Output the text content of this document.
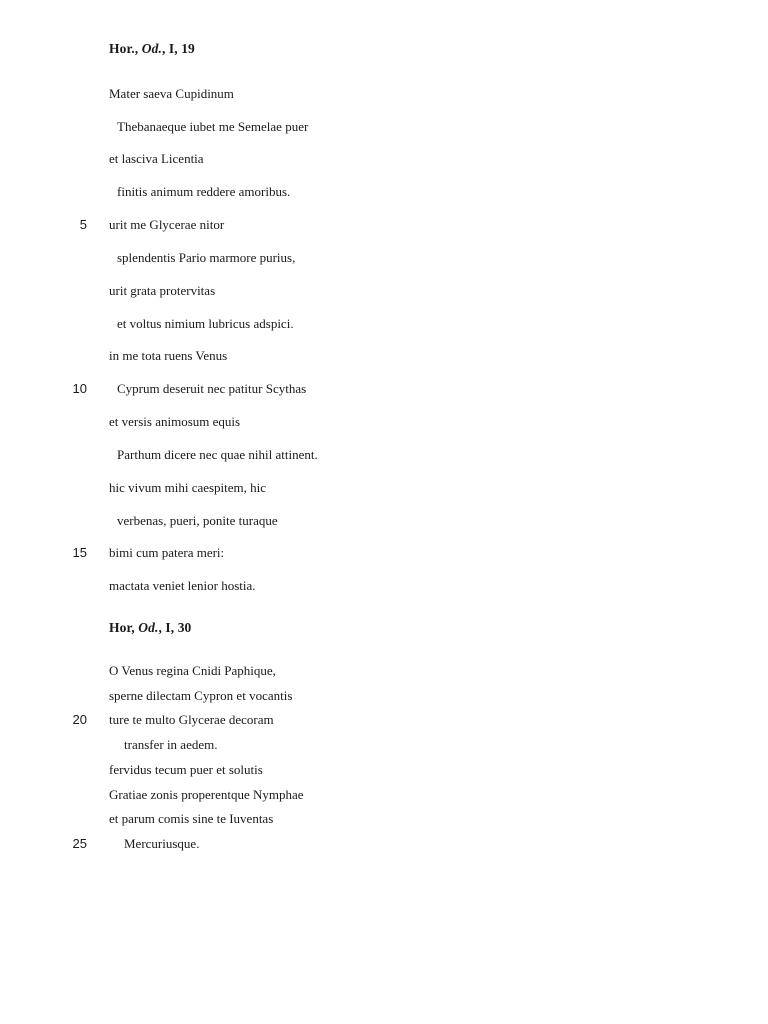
Hor., Od., I, 19
Mater saeva Cupidinum
Thebanaeque iubet me Semelae puer
et lasciva Licentia
finitis animum reddere amoribus.
urit me Glycerae nitor
splendentis Pario marmore purius,
urit grata protervitas
et voltus nimium lubricus adspici.
in me tota ruens Venus
Cyprum deseruit nec patitur Scythas
et versis animosum equis
Parthum dicere nec quae nihil attinent.
hic vivum mihi caespitem, hic
verbenas, pueri, ponite turaque
bimi cum patera meri:
mactata veniet lenior hostia.
5
10
15
Hor, Od., I, 30
O Venus regina Cnidi Paphique,
sperne dilectam Cypron et vocantis
ture te multo Glycerae decoram
transfer in aedem.
fervidus tecum puer et solutis
Gratiae zonis properentque Nymphae
et parum comis sine te Iuventas
Mercuriusque.
20
25
